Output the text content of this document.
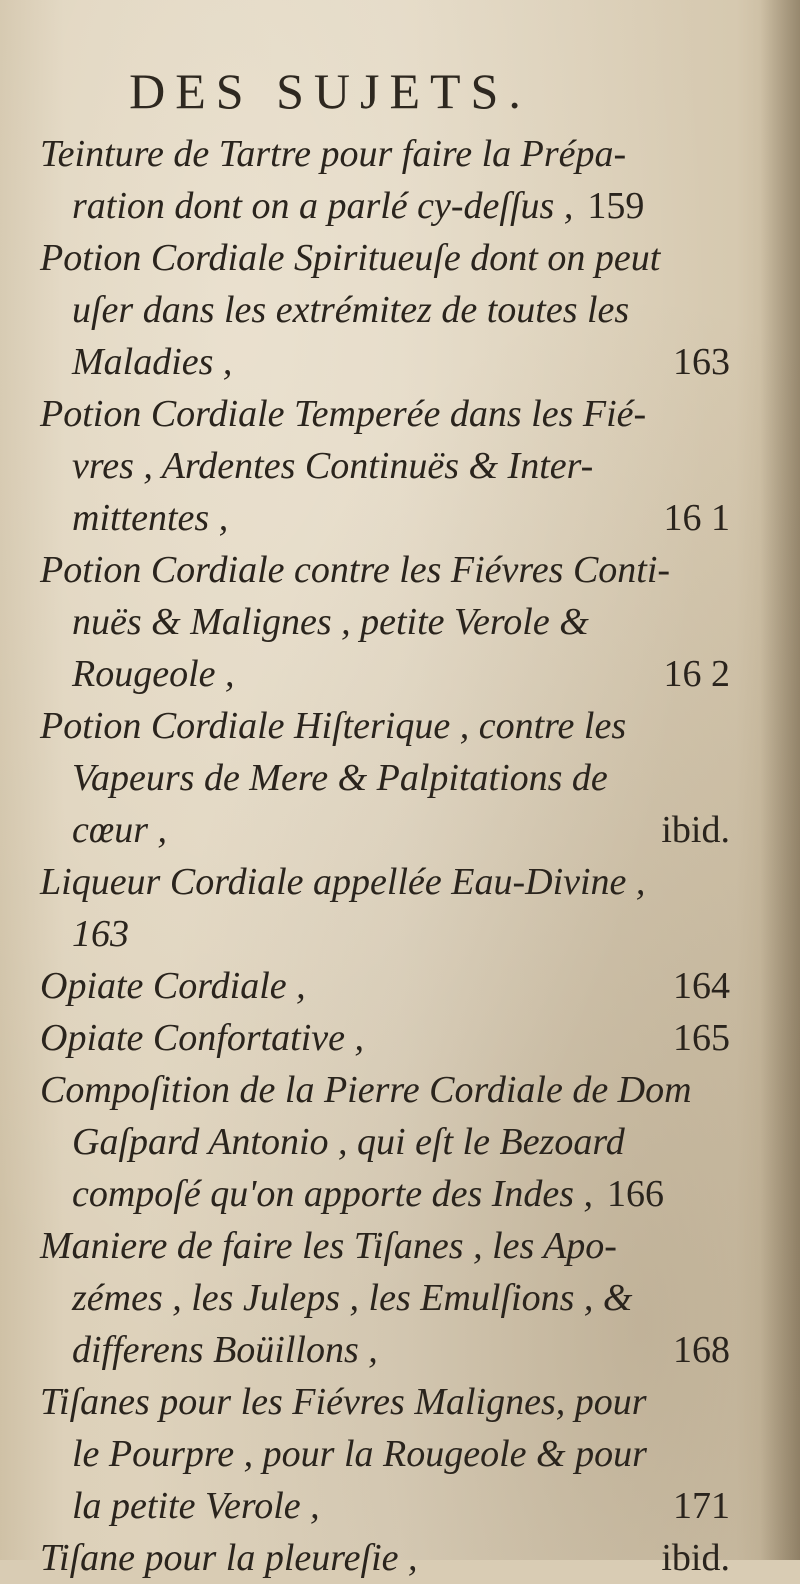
DES SUJETS.
Teinture de Tartre pour faire la Prépa-
ration dont on a parlé cy-deſſus , 159
Potion Cordiale Spiritueuſe dont on peut
uſer dans les extrémitez de toutes les
Maladies ,	163
Potion Cordiale Temperée dans les Fié-
vres , Ardentes Continuës & Inter-
mittentes ,	16 1
Potion Cordiale contre les Fiévres Conti-
nuës & Malignes , petite Verole &
Rougeole ,	16 2
Potion Cordiale Hiſterique , contre les
Vapeurs de Mere & Palpitations de
cœur ,	ibid.
Liqueur Cordiale appellée Eau-Divine ,
163
Opiate Cordiale ,	164
Opiate Confortative ,	165
Compoſition de la Pierre Cordiale de Dom
Gaſpard Antonio , qui eſt le Bezoard
compoſé qu'on apporte des Indes , 166
Maniere de faire les Tiſanes , les Apo-
zémes , les Juleps , les Emulſions , &
differens Boüillons ,	168
Tiſanes pour les Fiévres Malignes, pour
le Pourpre , pour la Rougeole & pour
la petite Verole ,	171
Tiſane pour la pleureſie ,	ibid.
